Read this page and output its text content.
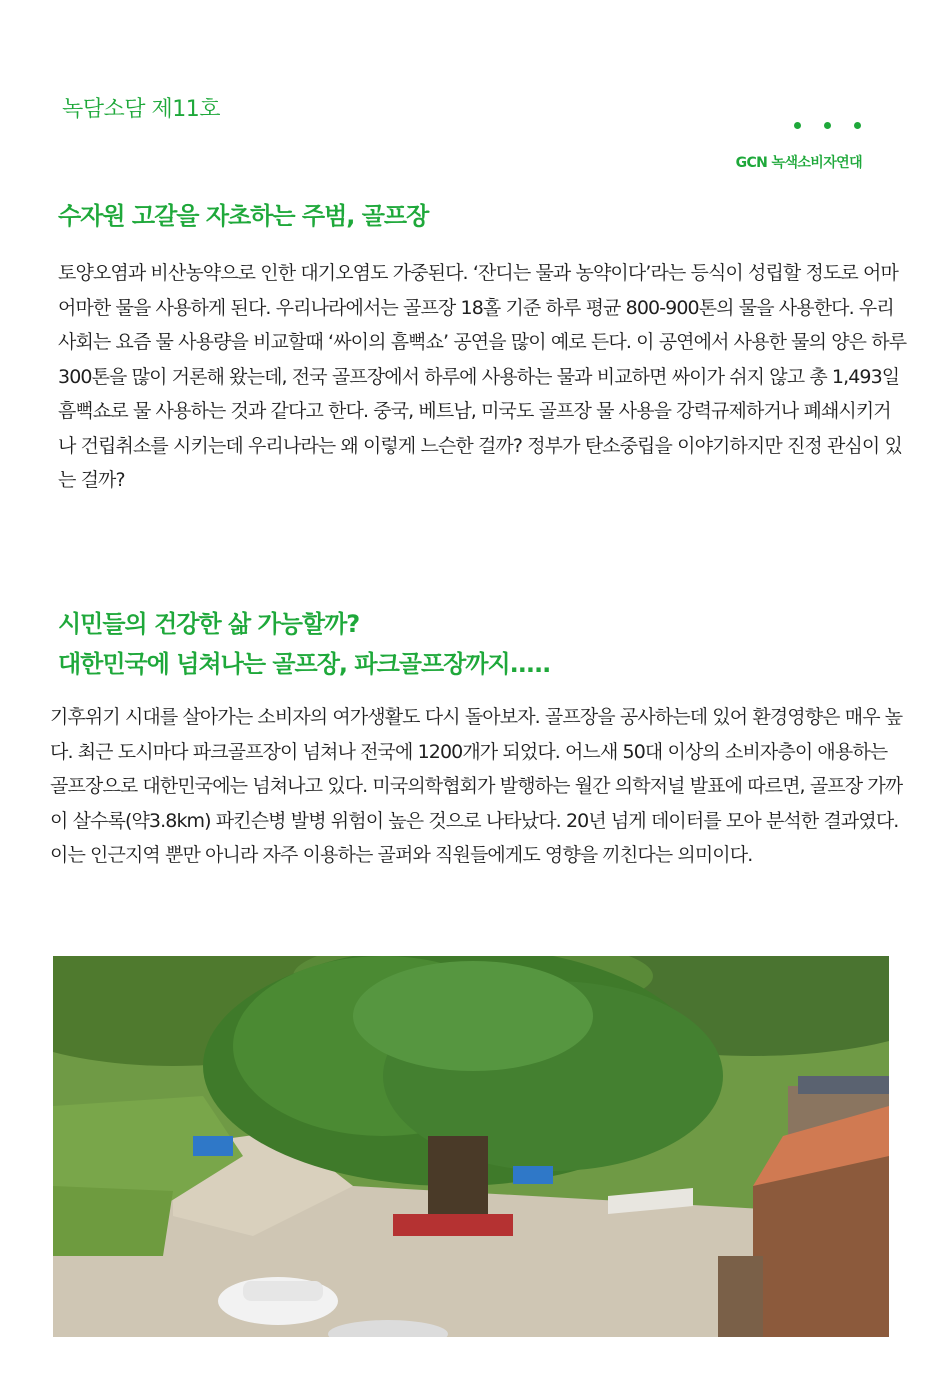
녹담소담 제11호
GCN 녹색소비자연대
수자원 고갈을 자초하는 주범, 골프장

토양오염과 비산농약으로 인한 대기오염도 가중된다. ‘잔디는 물과 농약이다’라는 등식이 성립할 정도로 어마어마한 물을 사용하게 된다. 우리나라에서는 골프장 18홀 기준 하루 평균 800-900톤의 물을 사용한다. 우리사회는 요즘 물 사용량을 비교할때 ‘싸이의 흠뻑쇼’ 공연을 많이 예로 든다. 이 공연에서 사용한 물의 양은 하루 300톤을 많이 거론해 왔는데, 전국 골프장에서 하루에 사용하는 물과 비교하면 싸이가 쉬지 않고 총 1,493일 흠뻑쇼로 물 사용하는 것과 같다고 한다. 중국, 베트남, 미국도 골프장 물 사용을 강력규제하거나 폐쇄시키거나 건립취소를 시키는데 우리나라는 왜 이렇게 느슨한 걸까? 정부가 탄소중립을 이야기하지만 진정 관심이 있는 걸까?

시민들의 건강한 삶 가능할까?
대한민국에 넘쳐나는 골프장, 파크골프장까지.....

기후위기 시대를 살아가는 소비자의 여가생활도 다시 돌아보자. 골프장을 공사하는데 있어 환경영향은 매우 높다. 최근 도시마다 파크골프장이 넘쳐나 전국에 1200개가 되었다. 어느새 50대 이상의 소비자층이 애용하는 골프장으로 대한민국에는 넘쳐나고 있다. 미국의학협회가 발행하는 월간 의학저널 발표에 따르면, 골프장 가까이 살수록(약3.8km) 파킨슨병 발병 위험이 높은 것으로 나타났다. 20년 넘게 데이터를 모아 분석한 결과였다. 이는 인근지역 뿐만 아니라 자주 이용하는 골퍼와 직원들에게도 영향을 끼친다는 의미이다.
